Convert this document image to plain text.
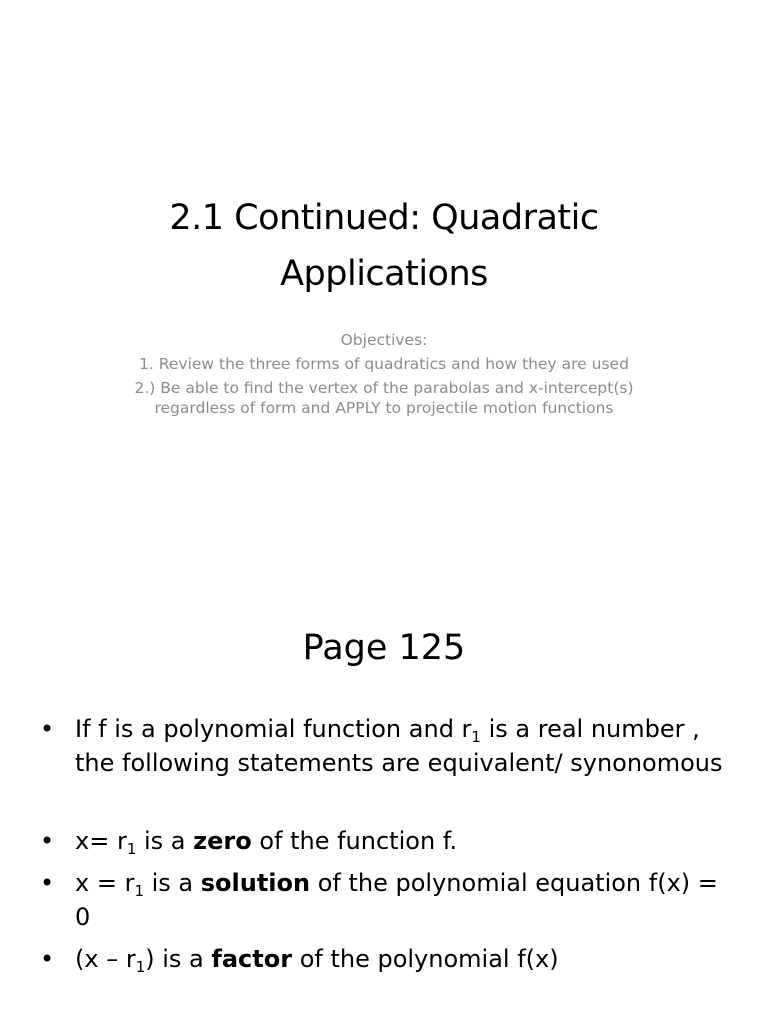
2.1 Continued: Quadratic Applications

Objectives:

1. Review the three forms of quadratics and how they are used

2.) Be able to find the vertex of the parabolas and x-intercept(s) regardless of form and APPLY to projectile motion functions

Page 125
• If f is a polynomial function and $r_1$ is a real number , the following statements are equivalent/ synonomous
• $x= r_1$ is a zero of the function f.
• $x = r_1$ is a solution of the polynomial equation f(x) = 0
• $(x - r_1)$ is a factor of the polynomial f(x)
